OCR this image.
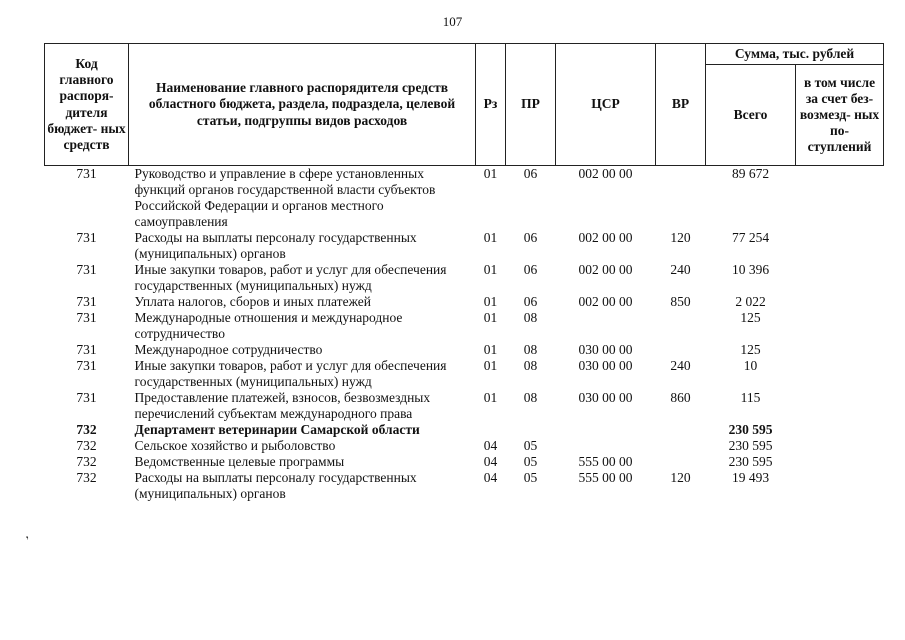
107
Код главного распоря- дителя бюджет- ных средств	Наименование главного распорядителя средств областного бюджета, раздела, подраздела, целевой статьи, подгруппы видов расходов	Рз	ПР	ЦСР	ВР	Сумма, тыс. рублей	
						Всего	в том числе за счет без- возмезд- ных по- ступлений
731	Руководство и управление в сфере установленных функций органов государственной власти субъектов Российской Федерации и органов местного самоуправления	01	06	002 00 00		89 672	
731	Расходы на выплаты персоналу государственных (муниципальных) органов	01	06	002 00 00	120	77 254	
731	Иные закупки товаров, работ и услуг для обеспечения государственных (муниципальных) нужд	01	06	002 00 00	240	10 396	
731	Уплата налогов, сборов и иных платежей	01	06	002 00 00	850	2 022	
731	Международные отношения и международное сотрудничество	01	08			125	
731	Международное сотрудничество	01	08	030 00 00		125	
731	Иные закупки товаров, работ и услуг для обеспечения государственных (муниципальных) нужд	01	08	030 00 00	240	10	
731	Предоставление платежей, взносов, безвозмездных перечислений субъектам международного права	01	08	030 00 00	860	115	
732	Департамент ветеринарии Самарской области					230 595	
732	Сельское хозяйство и рыболовство	04	05			230 595	
732	Ведомственные целевые программы	04	05	555 00 00		230 595	
732	Расходы на выплаты персоналу государственных (муниципальных) органов	04	05	555 00 00	120	19 493	
,
